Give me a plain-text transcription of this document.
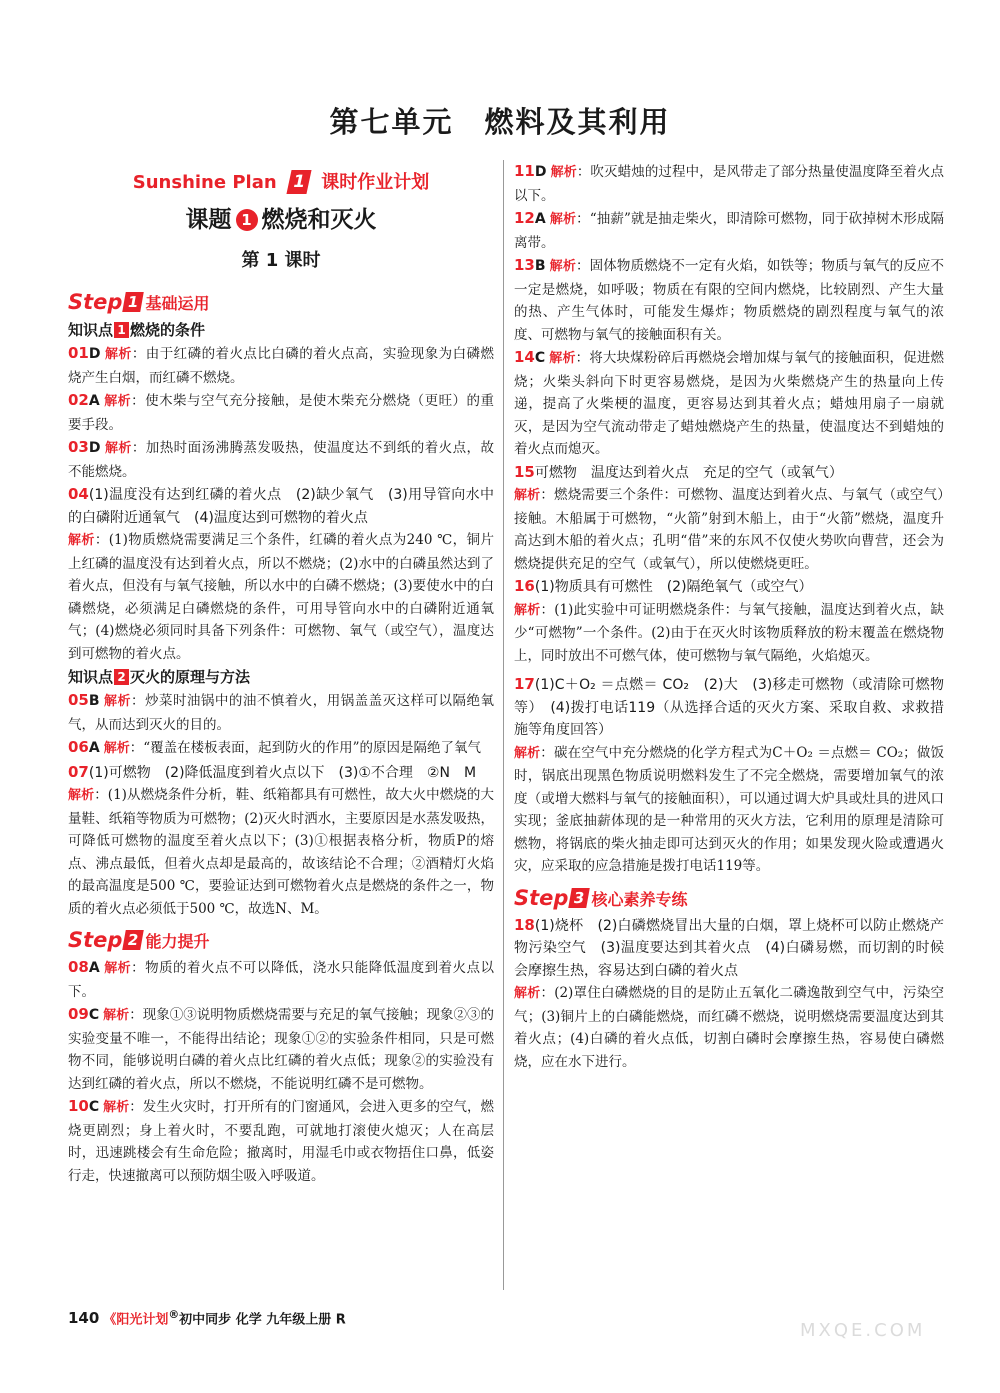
第七单元　燃料及其利用
Sunshine Plan 1 课时作业计划
课题 1 燃烧和灭火
第 1 课时
Step 1 基础运用
知识点 1 燃烧的条件
01D 解析：由于红磷的着火点比白磷的着火点高，实验现象为白磷燃烧产生白烟，而红磷不燃烧。
02A 解析：使木柴与空气充分接触，是使木柴充分燃烧（更旺）的重要手段。
03D 解析：加热时面汤沸腾蒸发吸热，使温度达不到纸的着火点，故不能燃烧。
04(1)温度没有达到红磷的着火点　(2)缺少氧气　(3)用导管向水中的白磷附近通氧气　(4)温度达到可燃物的着火点
解析：(1)物质燃烧需要满足三个条件，红磷的着火点为240 ℃，铜片上红磷的温度没有达到着火点，所以不燃烧；(2)水中的白磷虽然达到了着火点，但没有与氧气接触，所以水中的白磷不燃烧；(3)要使水中的白磷燃烧，必须满足白磷燃烧的条件，可用导管向水中的白磷附近通氧气；(4)燃烧必须同时具备下列条件：可燃物、氧气（或空气），温度达到可燃物的着火点。
知识点 2 灭火的原理与方法
05B 解析：炒菜时油锅中的油不慎着火，用锅盖盖灭这样可以隔绝氧气，从而达到灭火的目的。
06A 解析：“覆盖在楼板表面，起到防火的作用”的原因是隔绝了氧气
07(1)可燃物　(2)降低温度到着火点以下　(3)①不合理　②N　M
解析：(1)从燃烧条件分析，鞋、纸箱都具有可燃性，故大火中燃烧的大量鞋、纸箱等物质为可燃物；(2)灭火时洒水，主要原因是水蒸发吸热，可降低可燃物的温度至着火点以下；(3)①根据表格分析，物质P的熔点、沸点最低，但着火点却是最高的，故该结论不合理；②酒精灯火焰的最高温度是500 ℃，要验证达到可燃物着火点是燃烧的条件之一，物质的着火点必须低于500 ℃，故选N、M。
Step 2 能力提升
08A 解析：物质的着火点不可以降低，浇水只能降低温度到着火点以下。
09C 解析：现象①③说明物质燃烧需要与充足的氧气接触；现象②③的实验变量不唯一，不能得出结论；现象①②的实验条件相同，只是可燃物不同，能够说明白磷的着火点比红磷的着火点低；现象②的实验没有达到红磷的着火点，所以不燃烧，不能说明红磷不是可燃物。
10C 解析：发生火灾时，打开所有的门窗通风，会进入更多的空气，燃烧更剧烈；身上着火时，不要乱跑，可就地打滚使火熄灭；人在高层时，迅速跳楼会有生命危险；撤离时，用湿毛巾或衣物捂住口鼻，低姿行走，快速撤离可以预防烟尘吸入呼吸道。
11D 解析：吹灭蜡烛的过程中，是风带走了部分热量使温度降至着火点以下。
12A 解析：“抽薪”就是抽走柴火，即清除可燃物，同于砍掉树木形成隔离带。
13B 解析：固体物质燃烧不一定有火焰，如铁等；物质与氧气的反应不一定是燃烧，如呼吸；物质在有限的空间内燃烧，比较剧烈、产生大量的热、产生气体时，可能发生爆炸；物质燃烧的剧烈程度与氧气的浓度、可燃物与氧气的接触面积有关。
14C 解析：将大块煤粉碎后再燃烧会增加煤与氧气的接触面积，促进燃烧；火柴头斜向下时更容易燃烧，是因为火柴燃烧产生的热量向上传递，提高了火柴梗的温度，更容易达到其着火点；蜡烛用扇子一扇就灭，是因为空气流动带走了蜡烛燃烧产生的热量，使温度达不到蜡烛的着火点而熄灭。
15可燃物　温度达到着火点　充足的空气（或氧气）
解析：燃烧需要三个条件：可燃物、温度达到着火点、与氧气（或空气）接触。木船属于可燃物，“火箭”射到木船上，由于“火箭”燃烧，温度升高达到木船的着火点；孔明“借”来的东风不仅使火势吹向曹营，还会为燃烧提供充足的空气（或氧气），所以使燃烧更旺。
16(1)物质具有可燃性　(2)隔绝氧气（或空气）
解析：(1)此实验中可证明燃烧条件：与氧气接触，温度达到着火点，缺少“可燃物”一个条件。(2)由于在灭火时该物质释放的粉末覆盖在燃烧物上，同时放出不可燃气体，使可燃物与氧气隔绝，火焰熄灭。
17(1)C＋O₂ ＝点燃＝ CO₂　(2)大　(3)移走可燃物（或清除可燃物等）　(4)拨打电话119（从选择合适的灭火方案、采取自救、求救措施等角度回答）
解析：碳在空气中充分燃烧的化学方程式为C＋O₂ ＝点燃＝ CO₂；做饭时，锅底出现黑色物质说明燃料发生了不完全燃烧，需要增加氧气的浓度（或增大燃料与氧气的接触面积），可以通过调大炉具或灶具的进风口实现；釜底抽薪体现的是一种常用的灭火方法，它利用的原理是清除可燃物，将锅底的柴火抽走即可达到灭火的作用；如果发现火险或遭遇火灾，应采取的应急措施是拨打电话119等。
Step 3 核心素养专练
18(1)烧杯　(2)白磷燃烧冒出大量的白烟，罩上烧杯可以防止燃烧产物污染空气　(3)温度要达到其着火点　(4)白磷易燃，而切割的时候会摩擦生热，容易达到白磷的着火点
解析：(2)罩住白磷燃烧的目的是防止五氧化二磷逸散到空气中，污染空气；(3)铜片上的白磷能燃烧，而红磷不燃烧，说明燃烧需要温度达到其着火点；(4)白磷的着火点低，切割白磷时会摩擦生热，容易使白磷燃烧，应在水下进行。
140 《阳光计划®初中同步 化学 九年级上册 R
MXQE.COM
